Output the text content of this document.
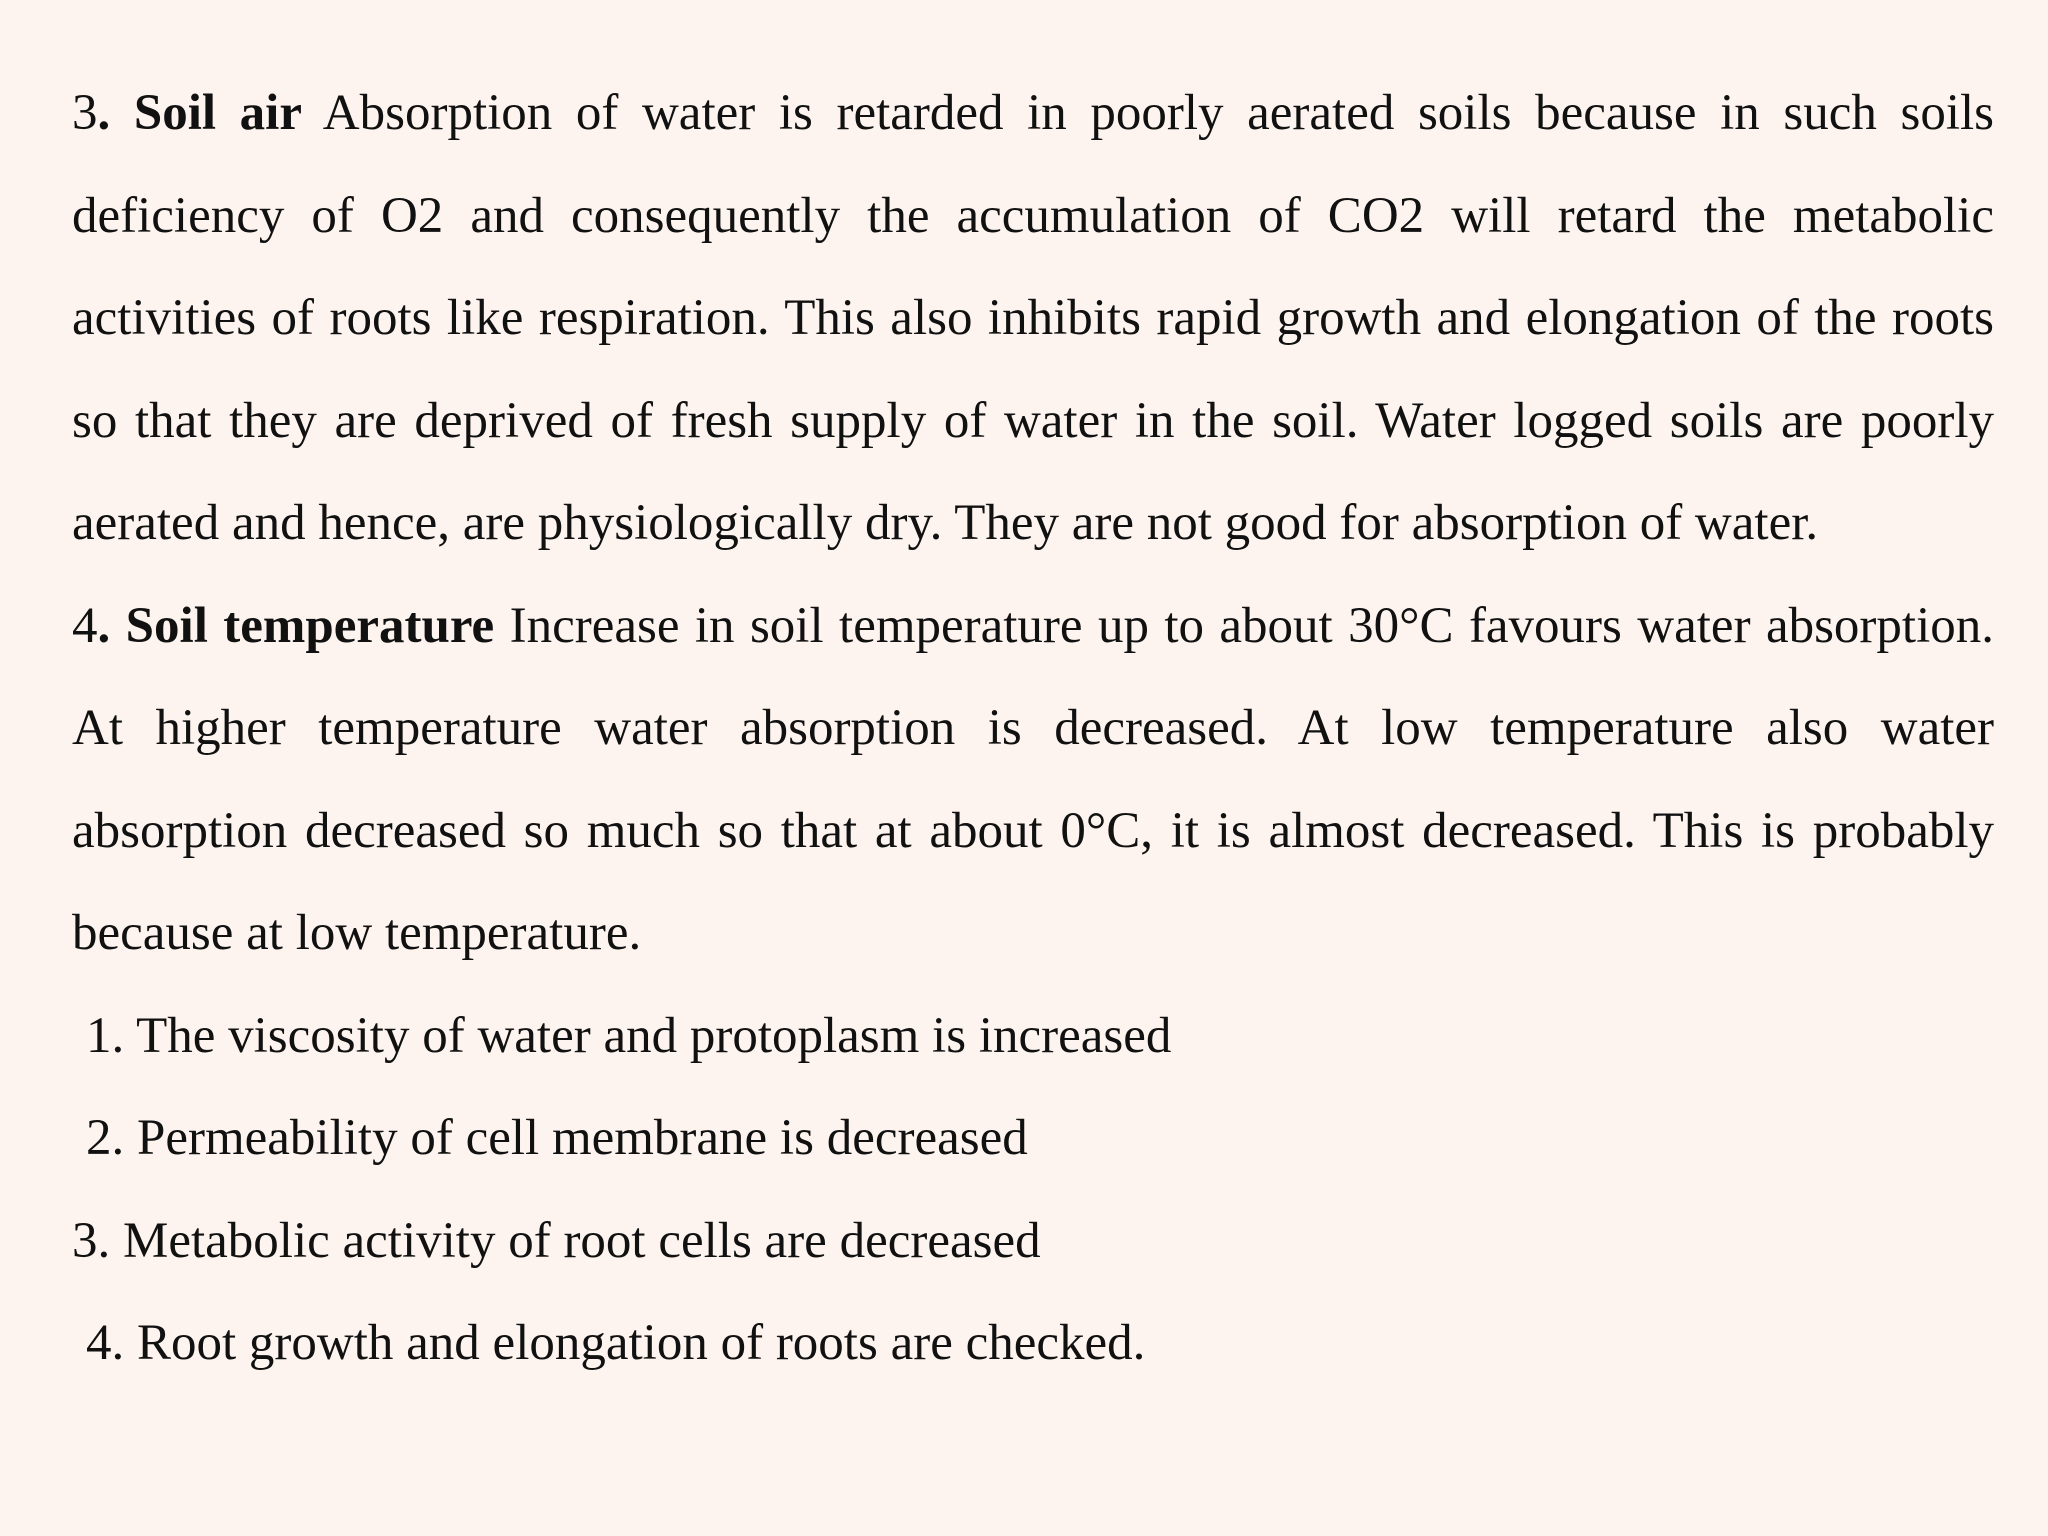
3. Soil air Absorption of water is retarded in poorly aerated soils because in such soils deficiency of O2 and consequently the accumulation of CO2 will retard the metabolic activities of roots like respiration. This also inhibits rapid growth and elongation of the roots so that they are deprived of fresh supply of water in the soil. Water logged soils are poorly aerated and hence, are physiologically dry. They are not good for absorption of water.

4. Soil temperature Increase in soil temperature up to about 30°C favours water absorption. At higher temperature water absorption is decreased. At low temperature also water absorption decreased so much so that at about 0°C, it is almost decreased. This is probably because at low temperature.

1. The viscosity of water and protoplasm is increased
2. Permeability of cell membrane is decreased
3. Metabolic activity of root cells are decreased
4. Root growth and elongation of roots are checked.
